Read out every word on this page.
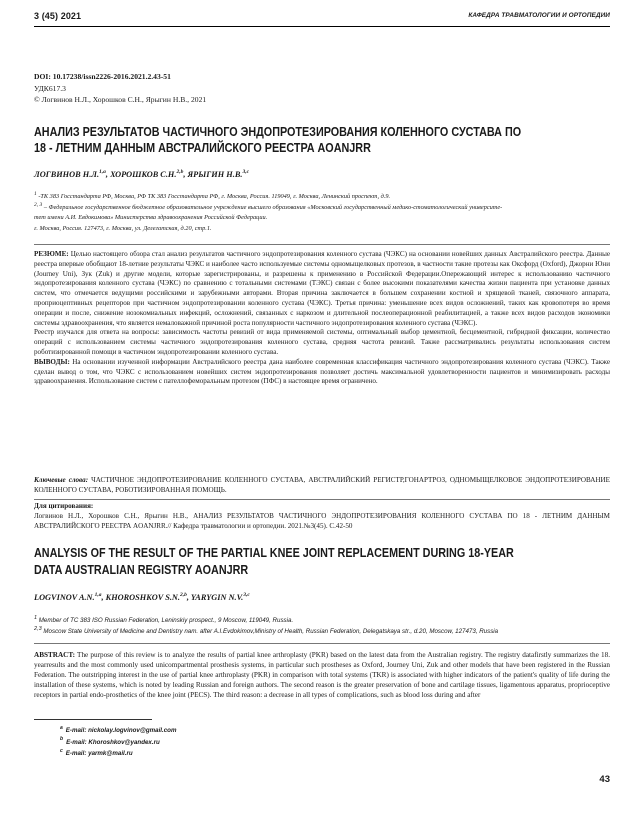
3 (45) 2021	КАФЕДРА ТРАВМАТОЛОГИИ И ОРТОПЕДИИ
DOI: 10.17238/issn2226-2016.2021.2.43-51
УДК617.3
© Логвинов Н.Л., Хорошков С.Н., Ярыгин Н.В., 2021
АНАЛИЗ РЕЗУЛЬТАТОВ ЧАСТИЧНОГО ЭНДОПРОТЕЗИРОВАНИЯ КОЛЕННОГО СУСТАВА ПО
18 - ЛЕТНИМ ДАННЫМ АВСТРАЛИЙСКОГО РЕЕСТРА AOANJRR
ЛОГВИНОВ Н.Л.$^{1,а}$, ХОРОШКОВ С.Н.$^{2,b}$, ЯРЫГИН Н.В.$^{3,c}$

$^1$ -ТК 383 Госстандарта РФ, Москва, РФ ТК 383 Госстандарта РФ, г. Москва, Россия. 119049, г. Москва, Ленинский проспект, д.9.

$^{2, 3}$ – Федеральное государственное бюджетное образовательное учреждение высшего образования «Московский государственный медико-стоматологический университе-

тет имени А.И. Евдокимова» Министерства здравоохранения Российской Федерации.

г. Москва, Россия. 127473, г. Москва, ул. Делегатская, д.20, стр.1.

РЕЗЮМЕ: Целью настоящего обзора стал анализ результатов частичного эндопротезирования коленного сустава (ЧЭКС) на основании новейших данных Австралийского реестра. Данные реестра впервые обобщают 18-летние результаты ЧЭКС и наиболее часто используемые системы одномыщелковых протезов, в частности такие протезы как Оксфорд (Oxford), Джорни Юни (Journey Uni), Зук (Zuk) и другие модели, которые зарегистрированы, и разрешены к применению в Российской Федерации.Опережающий интерес к использованию частичного эндопротезирования коленного сустава (ЧЭКС) по сравнению с тотальными системами (ТЭКС) связан с более высокими показателями качества жизни пациента при установке данных систем, что отмечается ведущими российскими и зарубежными авторами. Вторая причина заключается в большем сохранении костной и хрящевой тканей, связочного аппарата, проприоцептивных рецепторов при частичном эндопротезировании коленного сустава (ЧЭКС). Третья причина: уменьшение всех видов осложнений, таких как кровопотеря во время операции и после, снижение нозокомиальных инфекций, осложнений, связанных с наркозом и длительной послеоперационной реабилитацией, а также всех видов расходов экономики системы здравоохранения, что является немаловажной причиной роста популярности частичного эндопротезирования коленного сустава (ЧЭКС).

Реестр изучался для ответа на вопросы: зависимость частоты ревизий от вида применяемой системы, оптимальный выбор цементной, бесцементной, гибридной фиксации, количество операций с использованием системы частичного эндопротезирования коленного сустава, средняя частота ревизий. Также рассматривались результаты использования систем роботизированной помощи в частичном эндопротезировании коленного сустава.

ВЫВОДЫ: На основании изученной информации Австралийского реестра дана наиболее современная классификация частичного эндопротезирования коленного сустава (ЧЭКС). Также сделан вывод о том, что ЧЭКС с использованием новейших систем эндопротезирования позволяет достичь максимальной удовлетворенности пациентов и минимизировать расходы здравоохранения. Использование систем с пателлофеморальным протезом (ПФС) в настоящее время ограничено.

Ключевые слова: ЧАСТИЧНОЕ ЭНДОПРОТЕЗИРОВАНИЕ КОЛЕННОГО СУСТАВА, АВСТРАЛИЙСКИЙ РЕГИСТР,ГОНАРТРОЗ, ОДНОМЫЩЕЛКОВОЕ ЭНДОПРОТЕЗИРОВАНИЕ КОЛЕННОГО СУСТАВА, РОБОТИЗИРОВАННАЯ ПОМОЩЬ.
Для цитирования:
Логвинов Н.Л., Хорошков С.Н., Ярыгин Н.В., АНАЛИЗ РЕЗУЛЬТАТОВ ЧАСТИЧНОГО ЭНДОПРОТЕЗИРОВАНИЯ КОЛЕННОГО СУСТАВА ПО 18 - ЛЕТНИМ ДАННЫМ АВСТРАЛИЙСКОГО РЕЕСТРА AOANJRR.// Кафедра травматологии и ортопедии. 2021.№3(45). С.42-50
ANALYSIS OF THE RESULT OF THE PARTIAL KNEE JOINT REPLACEMENT DURING 18-YEAR
DATA AUSTRALIAN REGISTRY AOANJRR
LOGVINOV A.N.$^{1,a}$, KHOROSHKOV S.N.$^{2,b}$, YARYGIN N.V.$^{3,c}$

$^1$ Member of TC 383 ISO Russian Federation, Leninskiy prospect., 9 Moscow, 119049, Russia.

$^{2,3}$ Moscow State University of Medicine and Dentistry nam. after A.I.Evdokimov,Ministry of Health, Russian Federation, Delegatskaya str., d.20, Moscow, 127473, Russia

ABSTRACT: The purpose of this review is to analyze the results of partial knee arthroplasty (PKR) based on the latest data from the Australian registry. The registry datafirstly summarizes the 18. yearresults and the most commonly used unicompartmental prosthesis systems, in particular such prostheses as Oxford, Journey Uni, Zuk and other models that have been registered in the Russian Federation. The outstripping interest in the use of partial knee arthroplasty (PKR) in comparison with total systems (TKR) is associated with higher indicators of the patient's quality of life during the installation of these systems, which is noted by leading Russian and foreign authors. The second reason is the greater preservation of bone and cartilage tissues, ligamentous apparatus, proprioceptive receptors in partial endo-prosthetics of the knee joint (PECS). The third reason: a decrease in all types of complications, such as blood loss during and after
$^a$ E-mail: nickolay.logvinov@gmail.com
$^b$ E-mail: Khoroshkov@yandex.ru
$^c$ E-mail: yarmk@mail.ru
43
